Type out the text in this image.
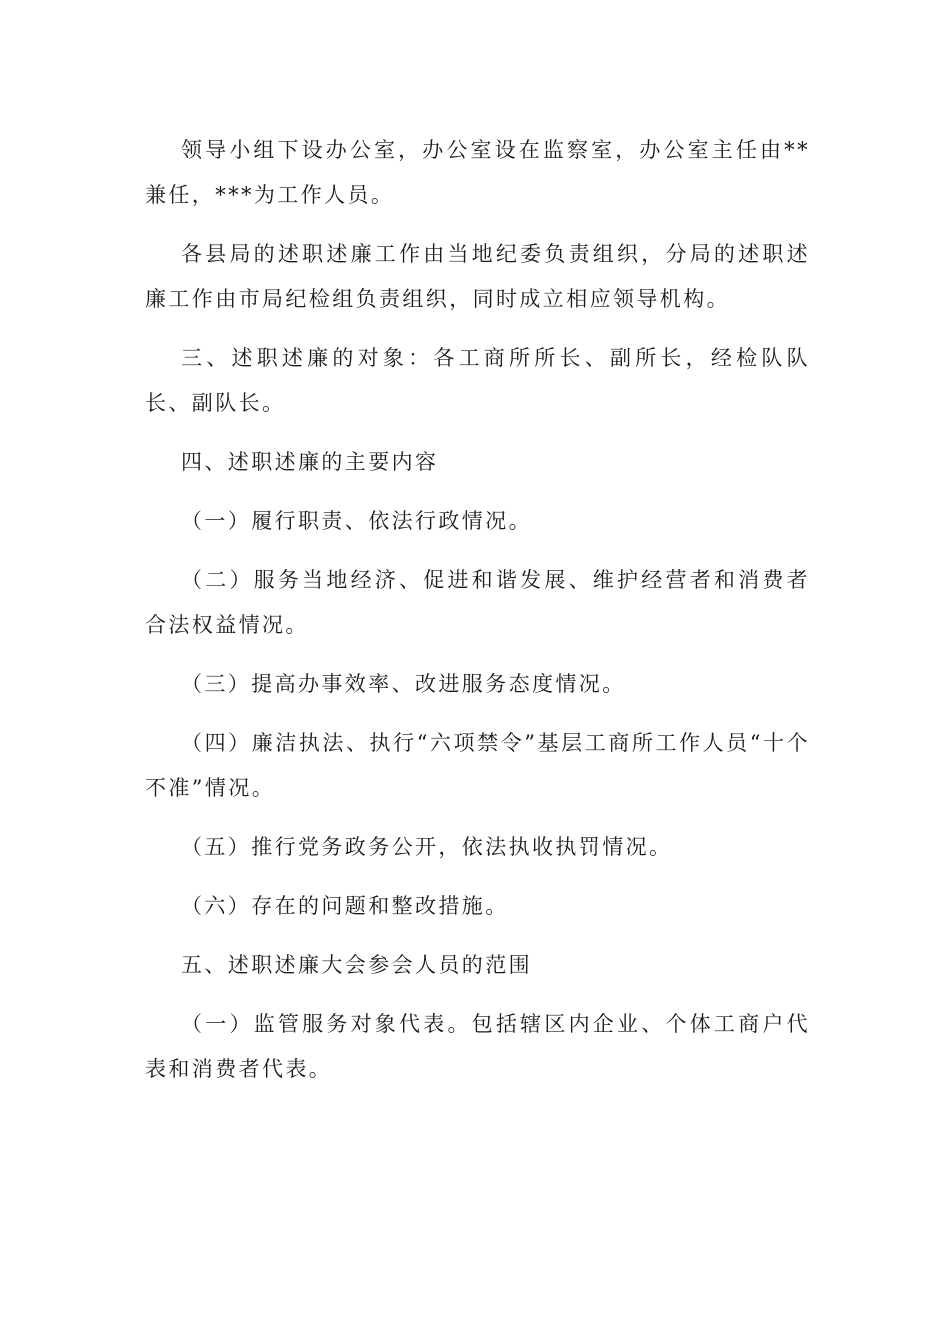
领导小组下设办公室，办公室设在监察室，办公室主任由**兼任，***为工作人员。

各县局的述职述廉工作由当地纪委负责组织，分局的述职述廉工作由市局纪检组负责组织，同时成立相应领导机构。

三、述职述廉的对象：各工商所所长、副所长，经检队队长、副队长。

四、述职述廉的主要内容

（一）履行职责、依法行政情况。

（二）服务当地经济、促进和谐发展、维护经营者和消费者合法权益情况。

（三）提高办事效率、改进服务态度情况。

（四）廉洁执法、执行“六项禁令”基层工商所工作人员“十个不准”情况。

（五）推行党务政务公开，依法执收执罚情况。

（六）存在的问题和整改措施。

五、述职述廉大会参会人员的范围

（一）监管服务对象代表。包括辖区内企业、个体工商户代表和消费者代表。
